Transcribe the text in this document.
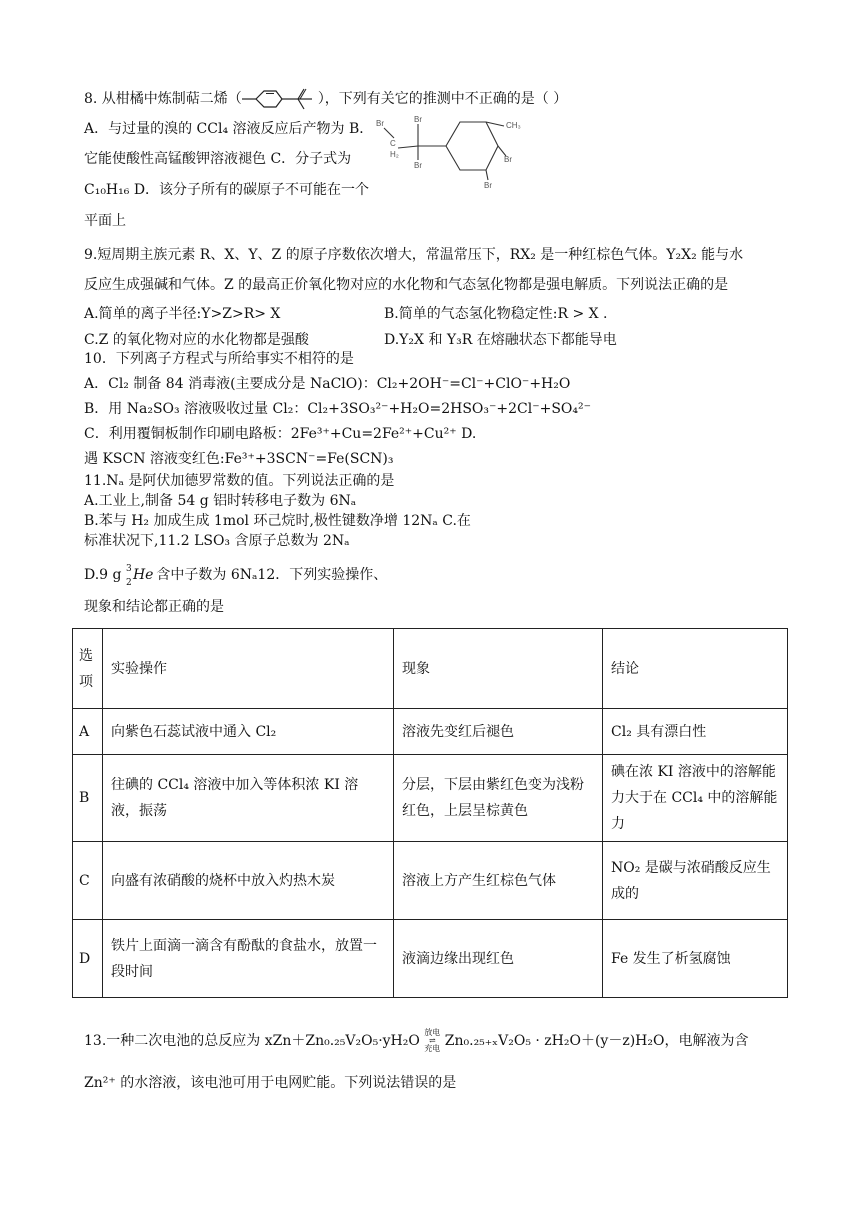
8. 从柑橘中炼制萜二烯（	），下列有关它的推测中不正确的是（ ）
A．与过量的溴的 CCl₄ 溶液反应后产物为 B．
它能使酸性高锰酸钾溶液褪色 C．分子式为
C₁₀H₁₆ D．该分子所有的碳原子不可能在一个
平面上
Br	Br
C
H₂
Br
CH₃
Br
Br
9.短周期主族元素 R、X、Y、Z 的原子序数依次增大，常温常压下，RX₂ 是一种红棕色气体。Y₂X₂ 能与水
反应生成强碱和气体。Z 的最高正价氧化物对应的水化物和气态氢化物都是强电解质。下列说法正确的是
A.简单的离子半径:Y>Z>R> X	B.简单的气态氢化物稳定性:R > X .
C.Z 的氧化物对应的水化物都是强酸	D.Y₂X 和 Y₃R 在熔融状态下都能导电
10．下列离子方程式与所给事实不相符的是
A．Cl₂ 制备 84 消毒液(主要成分是 NaClO)：Cl₂+2OH⁻=Cl⁻+ClO⁻+H₂O
B．用 Na₂SO₃ 溶液吸收过量 Cl₂：Cl₂+3SO₃²⁻+H₂O=2HSO₃⁻+2Cl⁻+SO₄²⁻
C．利用覆铜板制作印刷电路板：2Fe³⁺+Cu=2Fe²⁺+Cu²⁺ D.
遇 KSCN 溶液变红色:Fe³⁺+3SCN⁻=Fe(SCN)₃
11.Nₐ 是阿伏加德罗常数的值。下列说法正确的是
A.工业上,制备 54 g 铝时转移电子数为 6Nₐ
B.苯与 H₂ 加成生成 1mol 环己烷时,极性键数净增 12Nₐ C.在
标准状况下,11.2 LSO₃ 含原子总数为 2Nₐ
D.9 g 3
2 He 含中子数为 6Nₐ12．下列实验操作、
现象和结论都正确的是
选项	实验操作	现象	结论
A	向紫色石蕊试液中通入 Cl₂	溶液先变红后褪色	Cl₂ 具有漂白性
B	往碘的 CCl₄ 溶液中加入等体积浓 KI 溶液，振荡	分层，下层由紫红色变为浅粉红色，上层呈棕黄色	碘在浓 KI 溶液中的溶解能力大于在 CCl₄ 中的溶解能力
C	向盛有浓硝酸的烧杯中放入灼热木炭	溶液上方产生红棕色气体	NO₂ 是碳与浓硝酸反应生成的
D	铁片上面滴一滴含有酚酞的食盐水，放置一段时间	液滴边缘出现红色	Fe 发生了析氢腐蚀
13.一种二次电池的总反应为 xZn＋Zn₀.₂₅V₂O₅·yH₂O 放电
⇌
充电 Zn₀.₂₅₊ₓV₂O₅ · zH₂O＋(y－z)H₂O，电解液为含
Zn²⁺ 的水溶液，该电池可用于电网贮能。下列说法错误的是
